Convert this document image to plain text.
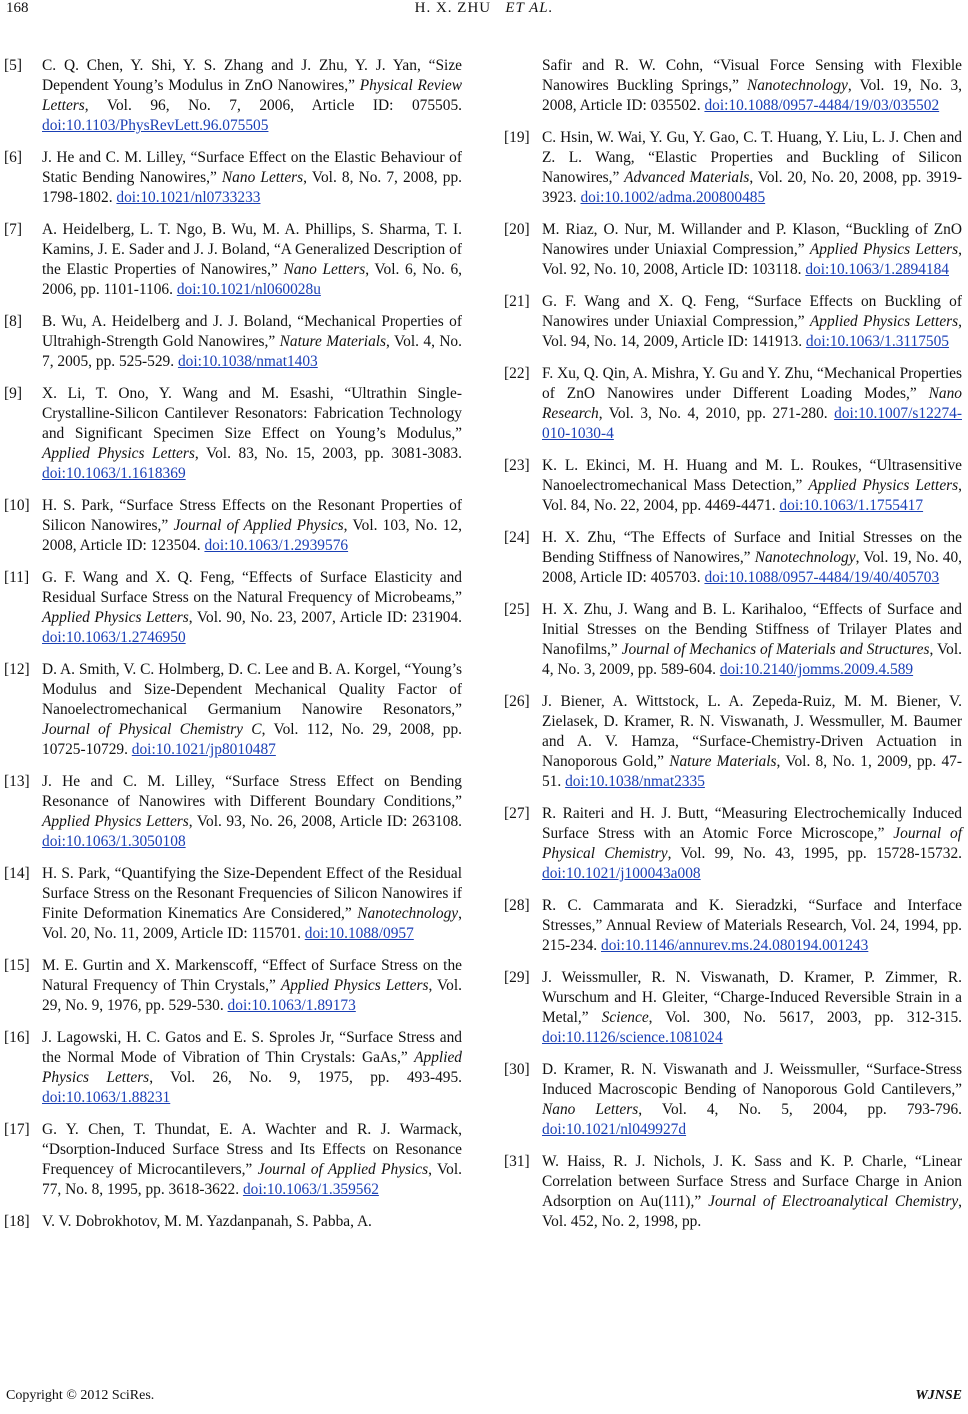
168	H. X. ZHU ET AL.
[5]	C. Q. Chen, Y. Shi, Y. S. Zhang and J. Zhu, Y. J. Yan, “Size Dependent Young’s Modulus in ZnO Nanowires,” Physical Review Letters, Vol. 96, No. 7, 2006, Article ID: 075505. doi:10.1103/PhysRevLett.96.075505
[6]	J. He and C. M. Lilley, “Surface Effect on the Elastic Behaviour of Static Bending Nanowires,” Nano Letters, Vol. 8, No. 7, 2008, pp. 1798-1802. doi:10.1021/nl0733233
[7]	A. Heidelberg, L. T. Ngo, B. Wu, M. A. Phillips, S. Sharma, T. I. Kamins, J. E. Sader and J. J. Boland, “A Generalized Description of the Elastic Properties of Nanowires,” Nano Letters, Vol. 6, No. 6, 2006, pp. 1101-1106. doi:10.1021/nl060028u
[8]	B. Wu, A. Heidelberg and J. J. Boland, “Mechanical Properties of Ultrahigh-Strength Gold Nanowires,” Nature Materials, Vol. 4, No. 7, 2005, pp. 525-529. doi:10.1038/nmat1403
[9]	X. Li, T. Ono, Y. Wang and M. Esashi, “Ultrathin Single-Crystalline-Silicon Cantilever Resonators: Fabrication Technology and Significant Specimen Size Effect on Young’s Modulus,” Applied Physics Letters, Vol. 83, No. 15, 2003, pp. 3081-3083. doi:10.1063/1.1618369
[10] H. S. Park, “Surface Stress Effects on the Resonant Properties of Silicon Nanowires,” Journal of Applied Physics, Vol. 103, No. 12, 2008, Article ID: 123504. doi:10.1063/1.2939576
[11] G. F. Wang and X. Q. Feng, “Effects of Surface Elasticity and Residual Surface Stress on the Natural Frequency of Microbeams,” Applied Physics Letters, Vol. 90, No. 23, 2007, Article ID: 231904. doi:10.1063/1.2746950
[12] D. A. Smith, V. C. Holmberg, D. C. Lee and B. A. Korgel, “Young’s Modulus and Size-Dependent Mechanical Quality Factor of Nanoelectromechanical Germanium Nanowire Resonators,” Journal of Physical Chemistry C, Vol. 112, No. 29, 2008, pp. 10725-10729. doi:10.1021/jp8010487
[13] J. He and C. M. Lilley, “Surface Stress Effect on Bending Resonance of Nanowires with Different Boundary Conditions,” Applied Physics Letters, Vol. 93, No. 26, 2008, Article ID: 263108. doi:10.1063/1.3050108
[14] H. S. Park, “Quantifying the Size-Dependent Effect of the Residual Surface Stress on the Resonant Frequencies of Silicon Nanowires if Finite Deformation Kinematics Are Considered,” Nanotechnology, Vol. 20, No. 11, 2009, Article ID: 115701. doi:10.1088/0957
[15] M. E. Gurtin and X. Markenscoff, “Effect of Surface Stress on the Natural Frequency of Thin Crystals,” Applied Physics Letters, Vol. 29, No. 9, 1976, pp. 529-530. doi:10.1063/1.89173
[16] J. Lagowski, H. C. Gatos and E. S. Sproles Jr, “Surface Stress and the Normal Mode of Vibration of Thin Crystals: GaAs,” Applied Physics Letters, Vol. 26, No. 9, 1975, pp. 493-495. doi:10.1063/1.88231
[17] G. Y. Chen, T. Thundat, E. A. Wachter and R. J. Warmack, “Dsorption-Induced Surface Stress and Its Effects on Resonance Frequencey of Microcantilevers,” Journal of Applied Physics, Vol. 77, No. 8, 1995, pp. 3618-3622. doi:10.1063/1.359562
[18] V. V. Dobrokhotov, M. M. Yazdanpanah, S. Pabba, A.
Safir and R. W. Cohn, “Visual Force Sensing with Flexible Nanowires Buckling Springs,” Nanotechnology, Vol. 19, No. 3, 2008, Article ID: 035502. doi:10.1088/0957-4484/19/03/035502
[19] C. Hsin, W. Wai, Y. Gu, Y. Gao, C. T. Huang, Y. Liu, L. J. Chen and Z. L. Wang, “Elastic Properties and Buckling of Silicon Nanowires,” Advanced Materials, Vol. 20, No. 20, 2008, pp. 3919-3923. doi:10.1002/adma.200800485
[20] M. Riaz, O. Nur, M. Willander and P. Klason, “Buckling of ZnO Nanowires under Uniaxial Compression,” Applied Physics Letters, Vol. 92, No. 10, 2008, Article ID: 103118. doi:10.1063/1.2894184
[21] G. F. Wang and X. Q. Feng, “Surface Effects on Buckling of Nanowires under Uniaxial Compression,” Applied Physics Letters, Vol. 94, No. 14, 2009, Article ID: 141913. doi:10.1063/1.3117505
[22] F. Xu, Q. Qin, A. Mishra, Y. Gu and Y. Zhu, “Mechanical Properties of ZnO Nanowires under Different Loading Modes,” Nano Research, Vol. 3, No. 4, 2010, pp. 271-280. doi:10.1007/s12274-010-1030-4
[23] K. L. Ekinci, M. H. Huang and M. L. Roukes, “Ultrasensitive Nanoelectromechanical Mass Detection,” Applied Physics Letters, Vol. 84, No. 22, 2004, pp. 4469-4471. doi:10.1063/1.1755417
[24] H. X. Zhu, “The Effects of Surface and Initial Stresses on the Bending Stiffness of Nanowires,” Nanotechnology, Vol. 19, No. 40, 2008, Article ID: 405703. doi:10.1088/0957-4484/19/40/405703
[25] H. X. Zhu, J. Wang and B. L. Karihaloo, “Effects of Surface and Initial Stresses on the Bending Stiffness of Trilayer Plates and Nanofilms,” Journal of Mechanics of Materials and Structures, Vol. 4, No. 3, 2009, pp. 589-604. doi:10.2140/jomms.2009.4.589
[26] J. Biener, A. Wittstock, L. A. Zepeda-Ruiz, M. M. Biener, V. Zielasek, D. Kramer, R. N. Viswanath, J. Wessmuller, M. Baumer and A. V. Hamza, “Surface-Chemistry-Driven Actuation in Nanoporous Gold,” Nature Materials, Vol. 8, No. 1, 2009, pp. 47-51. doi:10.1038/nmat2335
[27] R. Raiteri and H. J. Butt, “Measuring Electrochemically Induced Surface Stress with an Atomic Force Microscope,” Journal of Physical Chemistry, Vol. 99, No. 43, 1995, pp. 15728-15732. doi:10.1021/j100043a008
[28] R. C. Cammarata and K. Sieradzki, “Surface and Interface Stresses,” Annual Review of Materials Research, Vol. 24, 1994, pp. 215-234. doi:10.1146/annurev.ms.24.080194.001243
[29] J. Weissmuller, R. N. Viswanath, D. Kramer, P. Zimmer, R. Wurschum and H. Gleiter, “Charge-Induced Reversible Strain in a Metal,” Science, Vol. 300, No. 5617, 2003, pp. 312-315. doi:10.1126/science.1081024
[30] D. Kramer, R. N. Viswanath and J. Weissmuller, “Surface-Stress Induced Macroscopic Bending of Nanoporous Gold Cantilevers,” Nano Letters, Vol. 4, No. 5, 2004, pp. 793-796. doi:10.1021/nl049927d
[31] W. Haiss, R. J. Nichols, J. K. Sass and K. P. Charle, “Linear Correlation between Surface Stress and Surface Charge in Anion Adsorption on Au(111),” Journal of Electroanalytical Chemistry, Vol. 452, No. 2, 1998, pp.
Copyright © 2012 SciRes.	WJNSE
